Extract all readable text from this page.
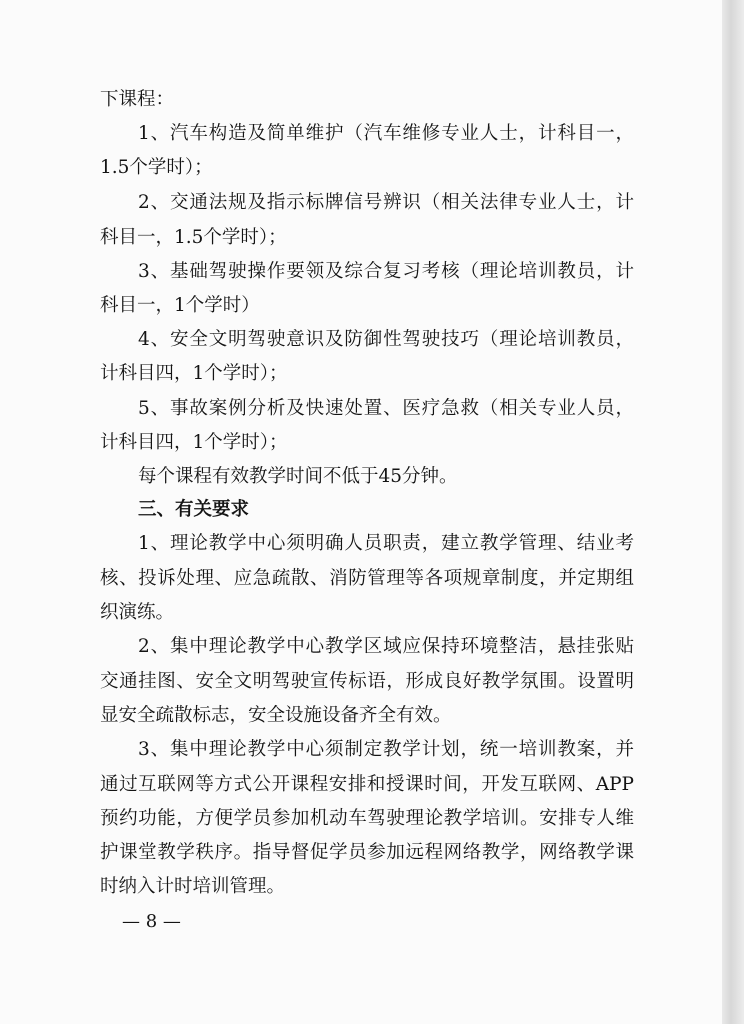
下课程：
1、汽车构造及简单维护（汽车维修专业人士，计科目一，
1.5个学时）；
2、交通法规及指示标牌信号辨识（相关法律专业人士，计
科目一，1.5个学时）；
3、基础驾驶操作要领及综合复习考核（理论培训教员，计
科目一，1个学时）
4、安全文明驾驶意识及防御性驾驶技巧（理论培训教员，
计科目四，1个学时）；
5、事故案例分析及快速处置、医疗急救（相关专业人员，
计科目四，1个学时）；
每个课程有效教学时间不低于45分钟。
三、有关要求
1、理论教学中心须明确人员职责，建立教学管理、结业考
核、投诉处理、应急疏散、消防管理等各项规章制度，并定期组
织演练。
2、集中理论教学中心教学区域应保持环境整洁，悬挂张贴
交通挂图、安全文明驾驶宣传标语，形成良好教学氛围。设置明
显安全疏散标志，安全设施设备齐全有效。
3、集中理论教学中心须制定教学计划，统一培训教案，并
通过互联网等方式公开课程安排和授课时间，开发互联网、APP
预约功能，方便学员参加机动车驾驶理论教学培训。安排专人维
护课堂教学秩序。指导督促学员参加远程网络教学，网络教学课
时纳入计时培训管理。
— 8 —
